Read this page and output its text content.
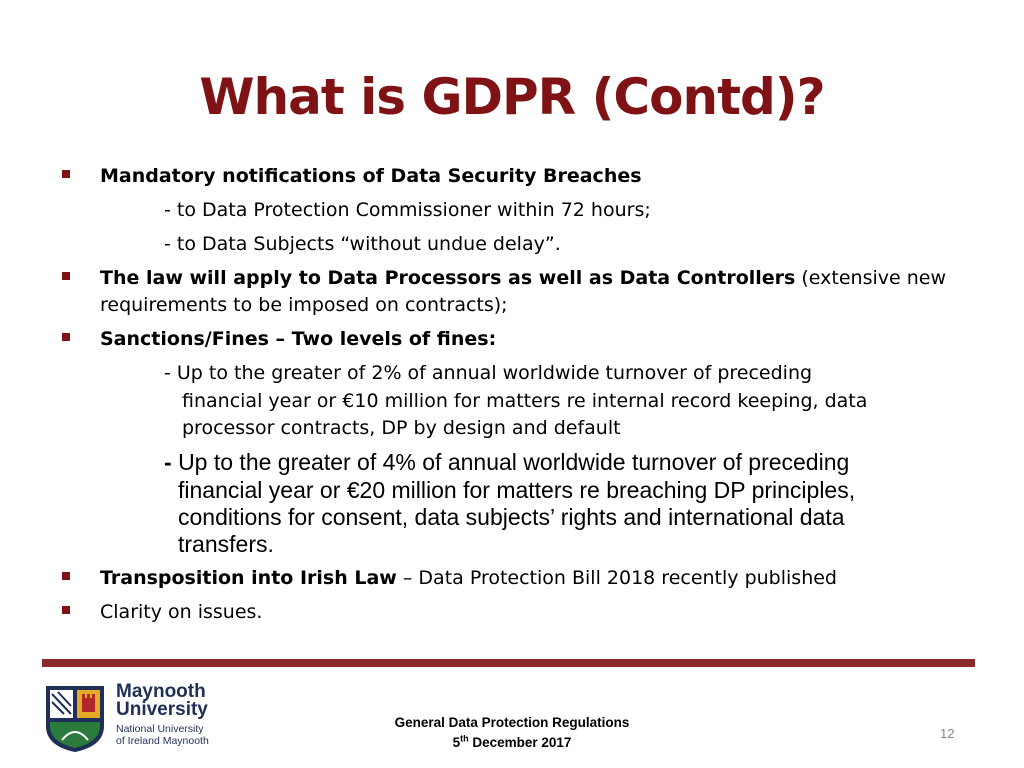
What is GDPR (Contd)?
Mandatory notifications of Data Security Breaches
- to Data Protection Commissioner within 72 hours;
- to Data Subjects “without undue delay”.
The law will apply to Data Processors as well as Data Controllers (extensive new
requirements to be imposed on contracts);
Sanctions/Fines – Two levels of fines:
- Up to the greater of 2% of annual worldwide turnover of preceding
financial year or €10 million for matters re internal record keeping, data
processor contracts, DP by design and default
- Up to the greater of 4% of annual worldwide turnover of preceding
financial year or €20 million for matters re breaching DP principles,
conditions for consent, data subjects’ rights and international data
transfers.
Transposition into Irish Law – Data Protection Bill 2018 recently published
Clarity on issues.
Maynooth
University
National University
of Ireland Maynooth
General Data Protection Regulations
5th December 2017
12
